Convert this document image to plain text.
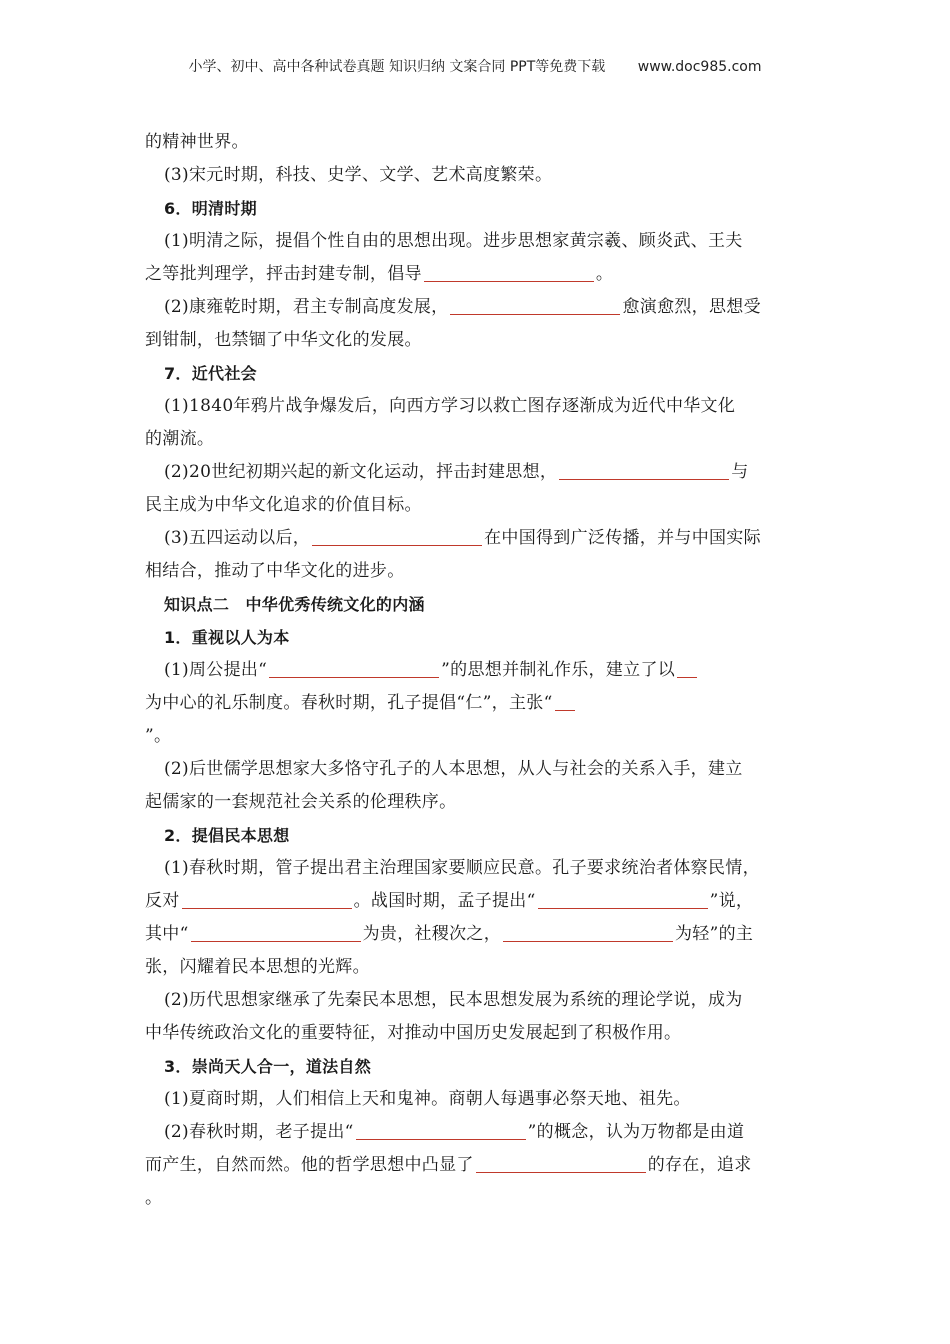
小学、初中、高中各种试卷真题 知识归纳 文案合同 PPT等免费下载 www.doc985.com
的精神世界。
(3)宋元时期，科技、史学、文学、艺术高度繁荣。
6．明清时期
(1)明清之际，提倡个性自由的思想出现。进步思想家黄宗羲、顾炎武、王夫
之等批判理学，抨击封建专制，倡导	。
(2)康雍乾时期，君主专制高度发展，	愈演愈烈，思想受
到钳制，也禁锢了中华文化的发展。
7．近代社会
(1)1840年鸦片战争爆发后，向西方学习以救亡图存逐渐成为近代中华文化
的潮流。
(2)20世纪初期兴起的新文化运动，抨击封建思想，	与
民主成为中华文化追求的价值目标。
(3)五四运动以后，	在中国得到广泛传播，并与中国实际
相结合，推动了中华文化的进步。
知识点二　中华优秀传统文化的内涵
1．重视以人为本
(1)周公提出“	”的思想并制礼作乐，建立了以
为中心的礼乐制度。春秋时期，孔子提倡“仁”，主张“
”。
(2)后世儒学思想家大多恪守孔子的人本思想，从人与社会的关系入手，建立
起儒家的一套规范社会关系的伦理秩序。
2．提倡民本思想
(1)春秋时期，管子提出君主治理国家要顺应民意。孔子要求统治者体察民情，
反对	。战国时期，孟子提出“	”说，
其中“	为贵，社稷次之，	为轻”的主
张，闪耀着民本思想的光辉。
(2)历代思想家继承了先秦民本思想，民本思想发展为系统的理论学说，成为
中华传统政治文化的重要特征，对推动中国历史发展起到了积极作用。
3．崇尚天人合一，道法自然
(1)夏商时期，人们相信上天和鬼神。商朝人每遇事必祭天地、祖先。
(2)春秋时期，老子提出“	”的概念，认为万物都是由道
而产生，自然而然。他的哲学思想中凸显了	的存在，追求
。
